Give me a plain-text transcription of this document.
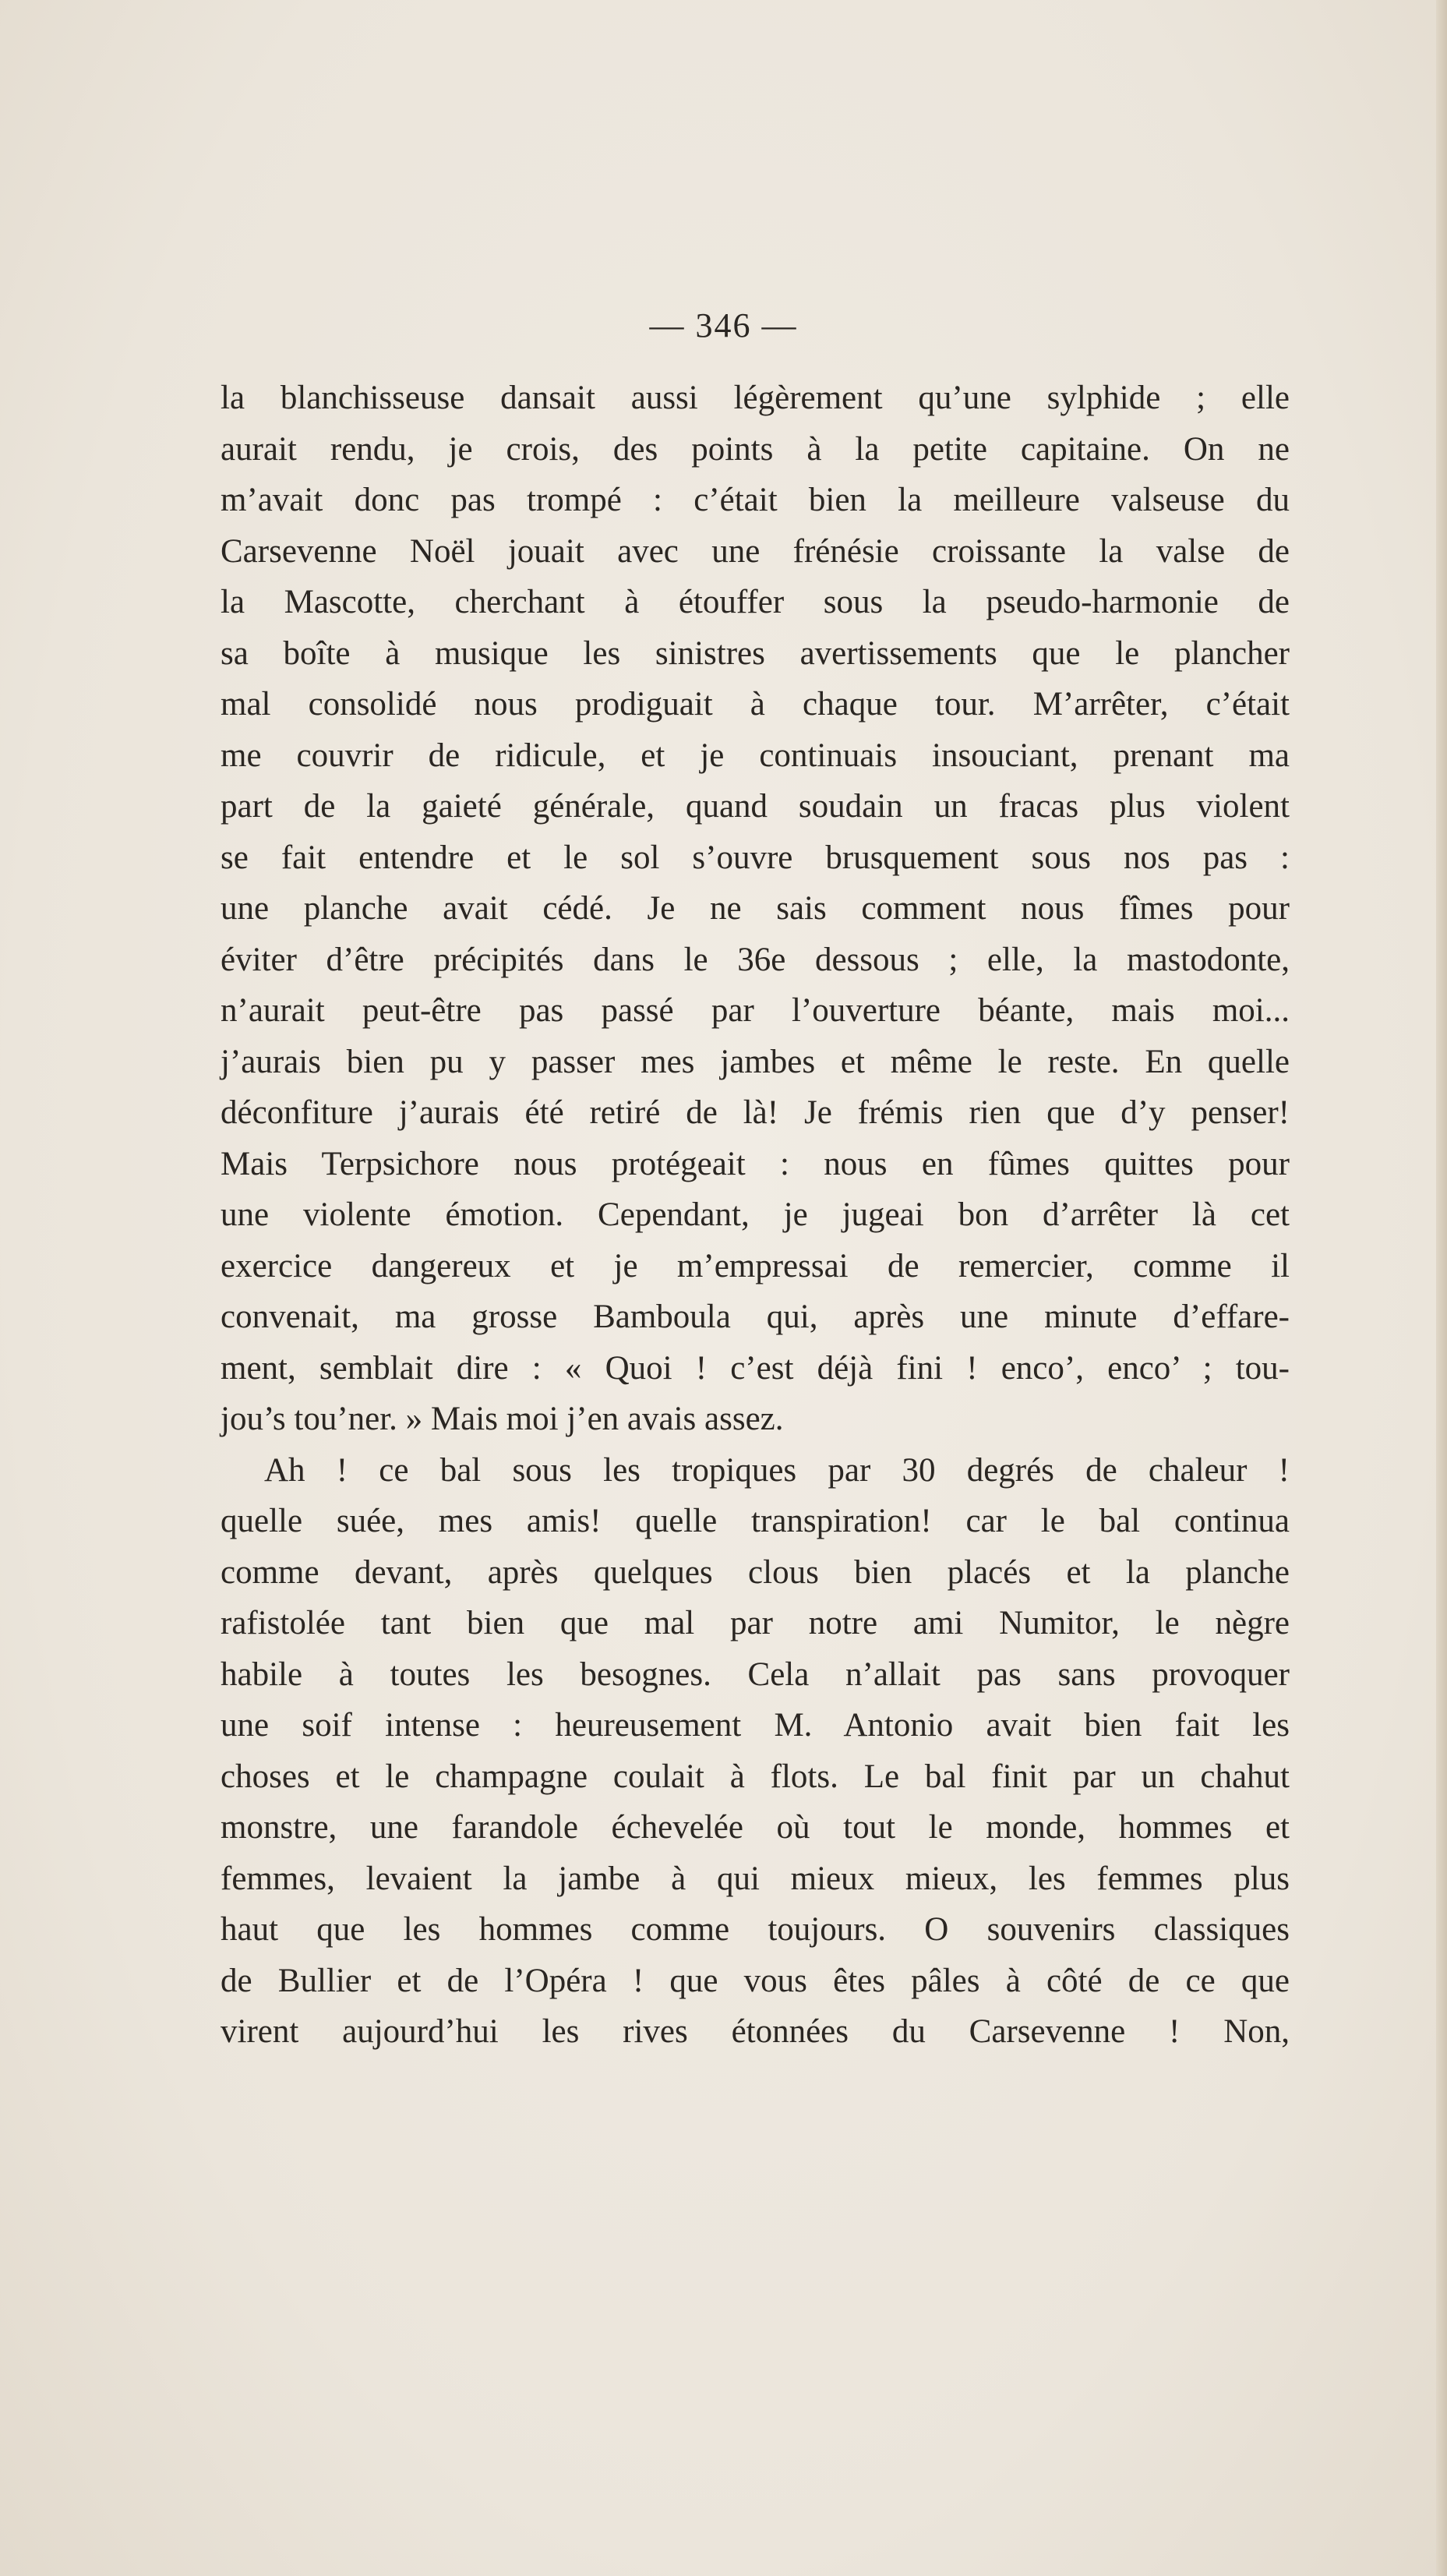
— 346 —
la blanchisseuse dansait aussi légèrement qu’une sylphide ; elle
aurait rendu, je crois, des points à la petite capitaine. On ne
m’avait donc pas trompé : c’était bien la meilleure valseuse du
Carsevenne Noël jouait avec une frénésie croissante la valse de
la Mascotte, cherchant à étouffer sous la pseudo-harmonie de
sa boîte à musique les sinistres avertissements que le plancher
mal consolidé nous prodiguait à chaque tour. M’arrêter, c’était
me couvrir de ridicule, et je continuais insouciant, prenant ma
part de la gaieté générale, quand soudain un fracas plus violent
se fait entendre et le sol s’ouvre brusquement sous nos pas :
une planche avait cédé. Je ne sais comment nous fîmes pour
éviter d’être précipités dans le 36e dessous ; elle, la mastodonte,
n’aurait peut-être pas passé par l’ouverture béante, mais moi...
j’aurais bien pu y passer mes jambes et même le reste. En quelle
déconfiture j’aurais été retiré de là! Je frémis rien que d’y penser!
Mais Terpsichore nous protégeait : nous en fûmes quittes pour
une violente émotion. Cependant, je jugeai bon d’arrêter là cet
exercice dangereux et je m’empressai de remercier, comme il
convenait, ma grosse Bamboula qui, après une minute d’effare-
ment, semblait dire : « Quoi ! c’est déjà fini ! enco’, enco’ ; tou-
jou’s tou’ner. » Mais moi j’en avais assez.
Ah ! ce bal sous les tropiques par 30 degrés de chaleur !
quelle suée, mes amis! quelle transpiration! car le bal continua
comme devant, après quelques clous bien placés et la planche
rafistolée tant bien que mal par notre ami Numitor, le nègre
habile à toutes les besognes. Cela n’allait pas sans provoquer
une soif intense : heureusement M. Antonio avait bien fait les
choses et le champagne coulait à flots. Le bal finit par un chahut
monstre, une farandole échevelée où tout le monde, hommes et
femmes, levaient la jambe à qui mieux mieux, les femmes plus
haut que les hommes comme toujours. O souvenirs classiques
de Bullier et de l’Opéra ! que vous êtes pâles à côté de ce que
virent aujourd’hui les rives étonnées du Carsevenne ! Non,
